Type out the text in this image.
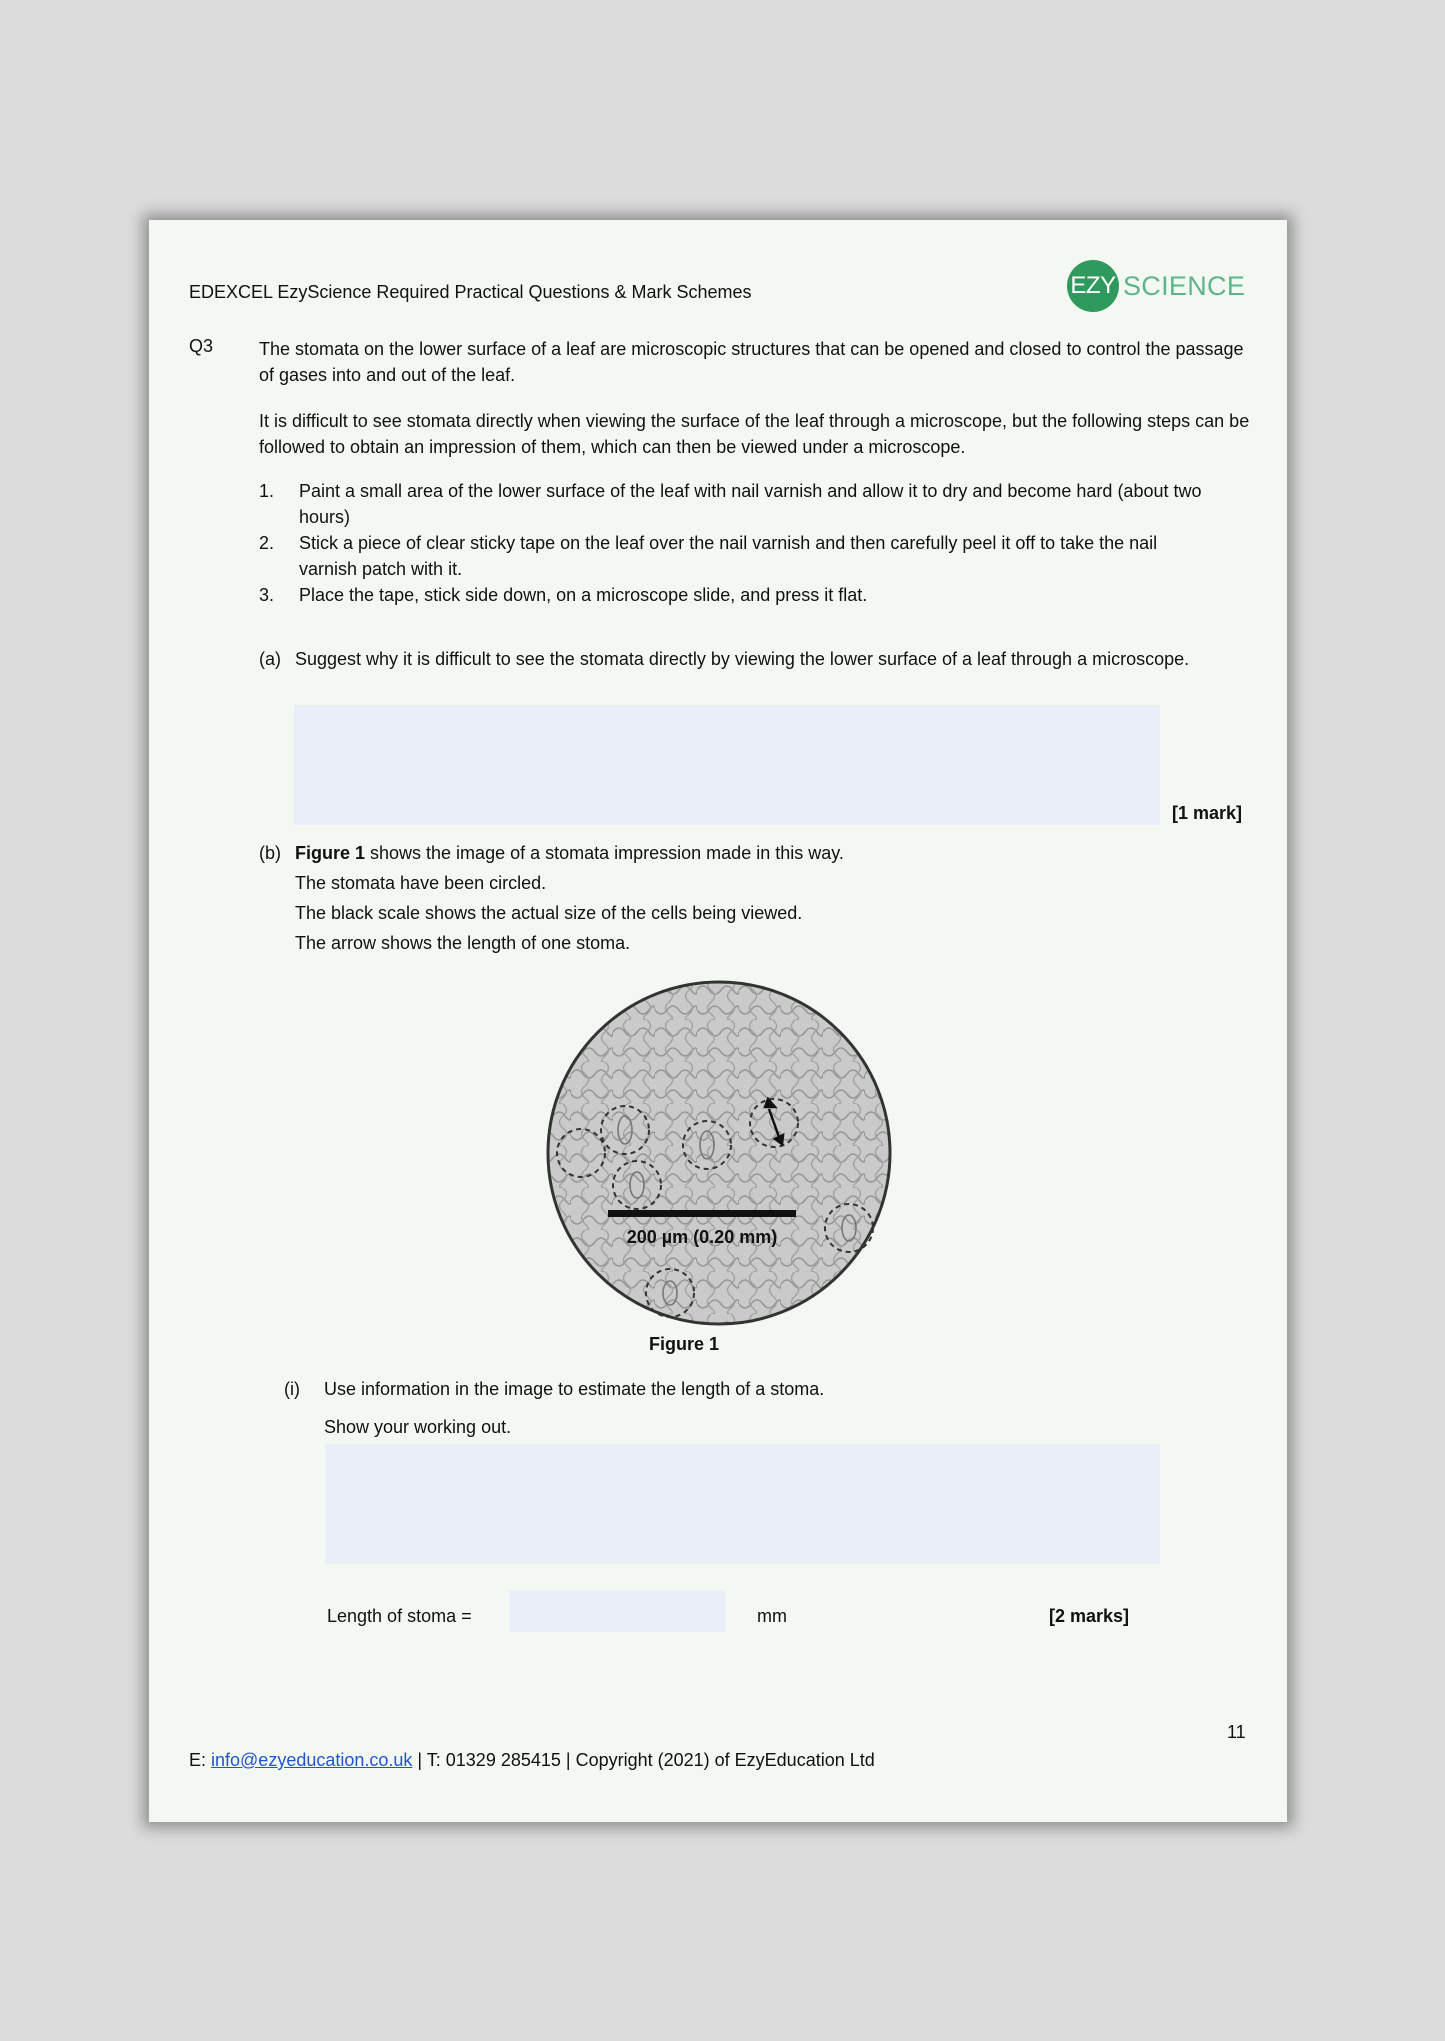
EDEXCEL EzyScience Required Practical Questions & Mark Schemes	EZY SCIENCE
Q3	The stomata on the lower surface of a leaf are microscopic structures that can be opened and closed to control the passage of gases into and out of the leaf.
It is difficult to see stomata directly when viewing the surface of the leaf through a microscope, but the following steps can be followed to obtain an impression of them, which can then be viewed under a microscope.
1.	Paint a small area of the lower surface of the leaf with nail varnish and allow it to dry and become hard (about two hours)
2.	Stick a piece of clear sticky tape on the leaf over the nail varnish and then carefully peel it off to take the nail varnish patch with it.
3.	Place the tape, stick side down, on a microscope slide, and press it flat.
(a) Suggest why it is difficult to see the stomata directly by viewing the lower surface of a leaf through a microscope.
[1 mark]
(b) Figure 1 shows the image of a stomata impression made in this way.
The stomata have been circled.
The black scale shows the actual size of the cells being viewed.
The arrow shows the length of one stoma.
200 µm (0.20 mm)
Figure 1
(i)	Use information in the image to estimate the length of a stoma.
Show your working out.
Length of stoma =	mm	[2 marks]
11
E: info@ezyeducation.co.uk | T: 01329 285415 | Copyright (2021) of EzyEducation Ltd
